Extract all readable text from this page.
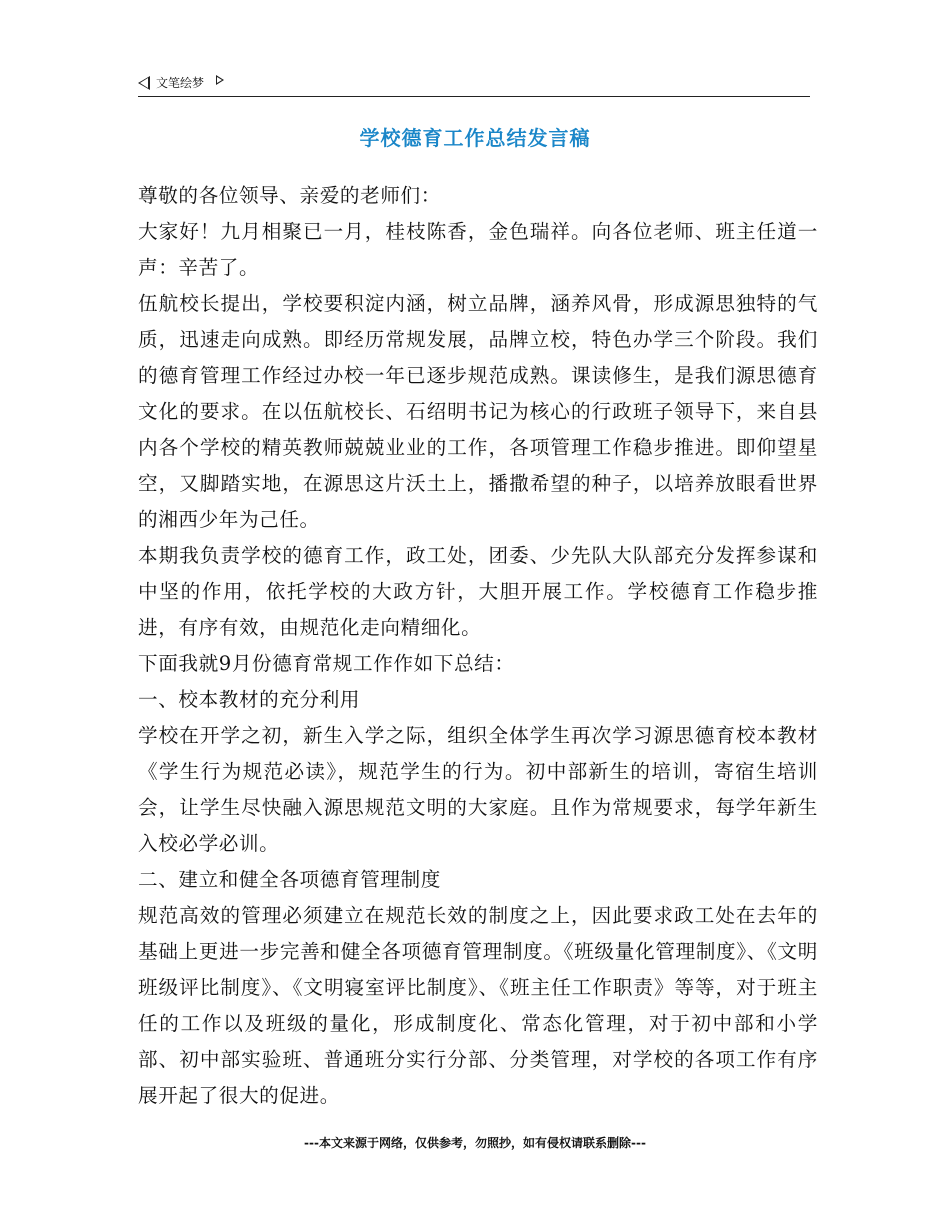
文笔绘梦
学校德育工作总结发言稿

尊敬的各位领导、亲爱的老师们：

大家好！九月相聚已一月，桂枝陈香，金色瑞祥。向各位老师、班主任道一声：辛苦了。

伍航校长提出，学校要积淀内涵，树立品牌，涵养风骨，形成源思独特的气质，迅速走向成熟。即经历常规发展，品牌立校，特色办学三个阶段。我们的德育管理工作经过办校一年已逐步规范成熟。课读修生，是我们源思德育文化的要求。在以伍航校长、石绍明书记为核心的行政班子领导下，来自县内各个学校的精英教师兢兢业业的工作，各项管理工作稳步推进。即仰望星空，又脚踏实地，在源思这片沃土上，播撒希望的种子，以培养放眼看世界的湘西少年为己任。

本期我负责学校的德育工作，政工处，团委、少先队大队部充分发挥参谋和中坚的作用，依托学校的大政方针，大胆开展工作。学校德育工作稳步推进，有序有效，由规范化走向精细化。

下面我就9月份德育常规工作作如下总结：

一、校本教材的充分利用

学校在开学之初，新生入学之际，组织全体学生再次学习源思德育校本教材《学生行为规范必读》，规范学生的行为。初中部新生的培训，寄宿生培训会，让学生尽快融入源思规范文明的大家庭。且作为常规要求，每学年新生入校必学必训。

二、建立和健全各项德育管理制度

规范高效的管理必须建立在规范长效的制度之上，因此要求政工处在去年的基础上更进一步完善和健全各项德育管理制度。《班级量化管理制度》、《文明班级评比制度》、《文明寝室评比制度》、《班主任工作职责》等等，对于班主任的工作以及班级的量化，形成制度化、常态化管理，对于初中部和小学部、初中部实验班、普通班分实行分部、分类管理，对学校的各项工作有序展开起了很大的促进。

---本文来源于网络，仅供参考，勿照抄，如有侵权请联系删除---
